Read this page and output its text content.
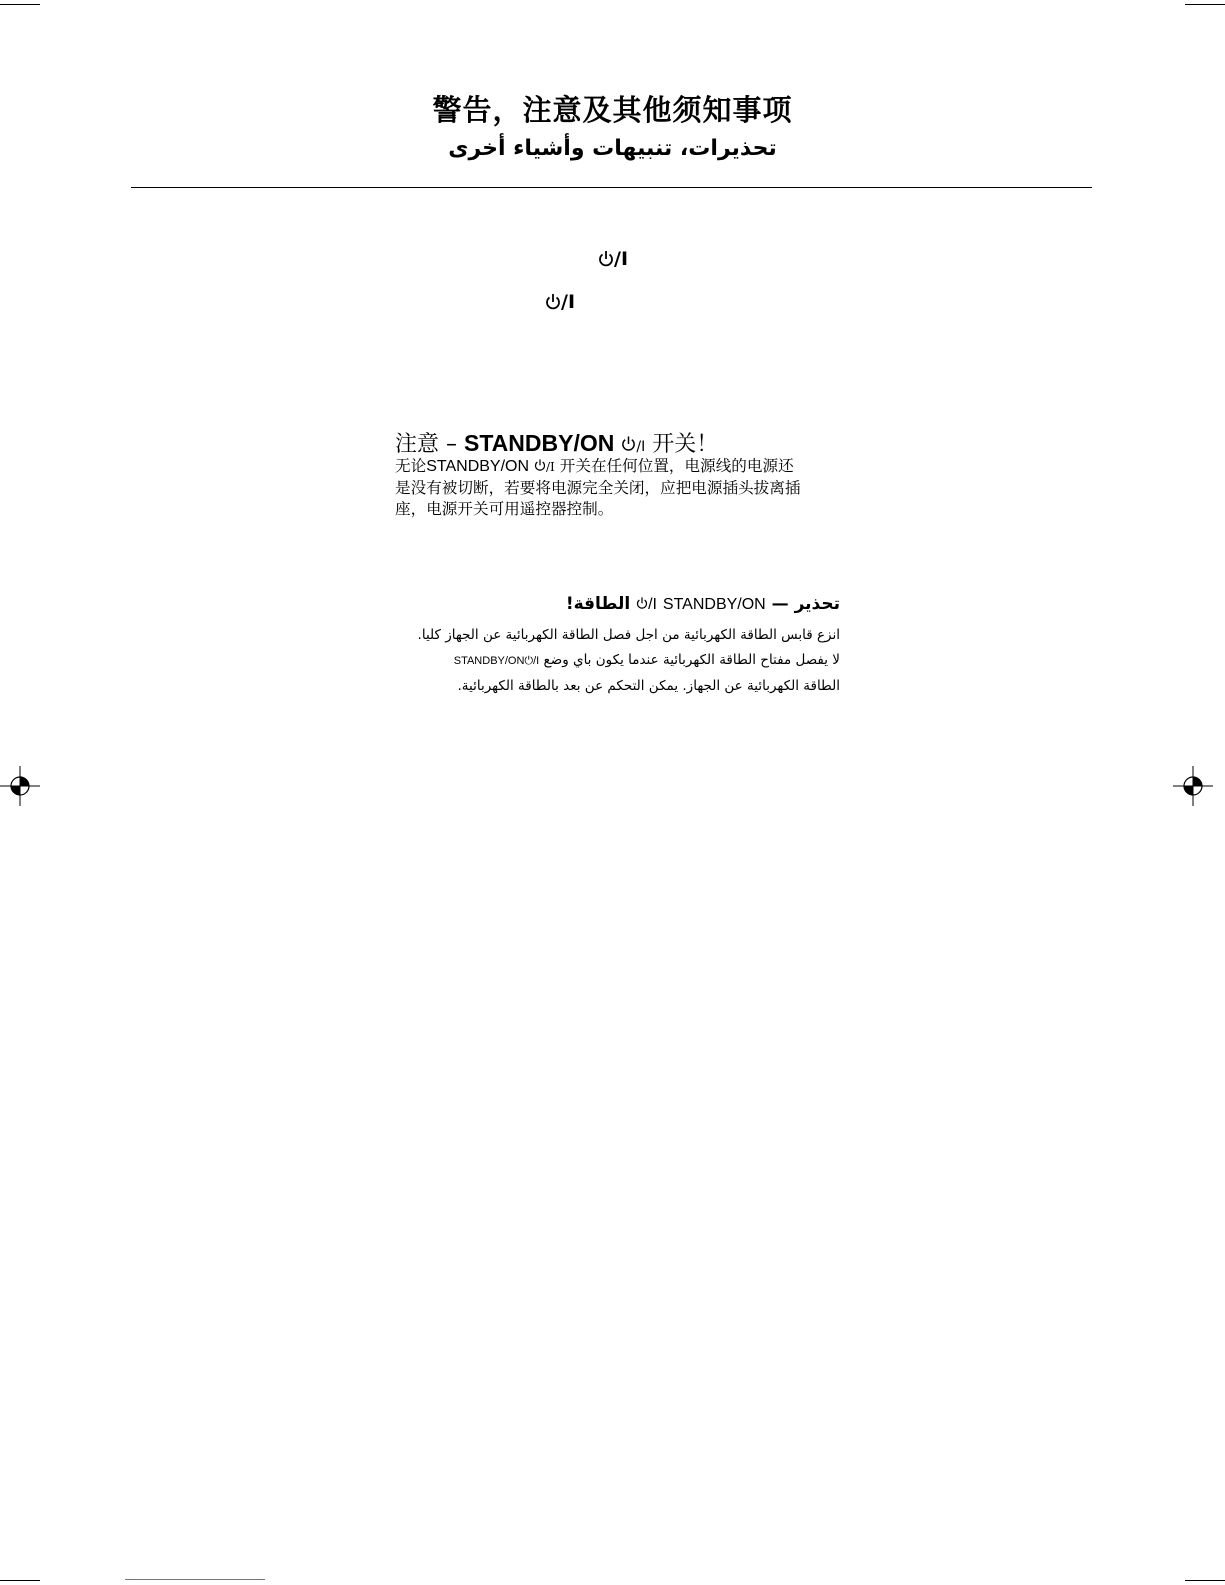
警告，注意及其他须知事项
تحذيرات، تنبيهات وأشياء أخرى
/I
/I
注意 – STANDBY/ON /I 开关！
无论STANDBY/ON /I 开关在任何位置，电源线的电源还
是没有被切断，若要将电源完全关闭，应把电源插头拔离插
座，电源开关可用遥控器控制。
تحذير — /I STANDBY/ON الطاقة!
انزع قابس الطاقة الكهربائية من اجل فصل الطاقة الكهربائية عن الجهاز كليا.
لا يفصل مفتاح الطاقة الكهربائية عندما يكون باي وضع STANDBY/ON⏻/I
الطاقة الكهربائية عن الجهاز. يمكن التحكم عن بعد بالطاقة الكهربائية.
